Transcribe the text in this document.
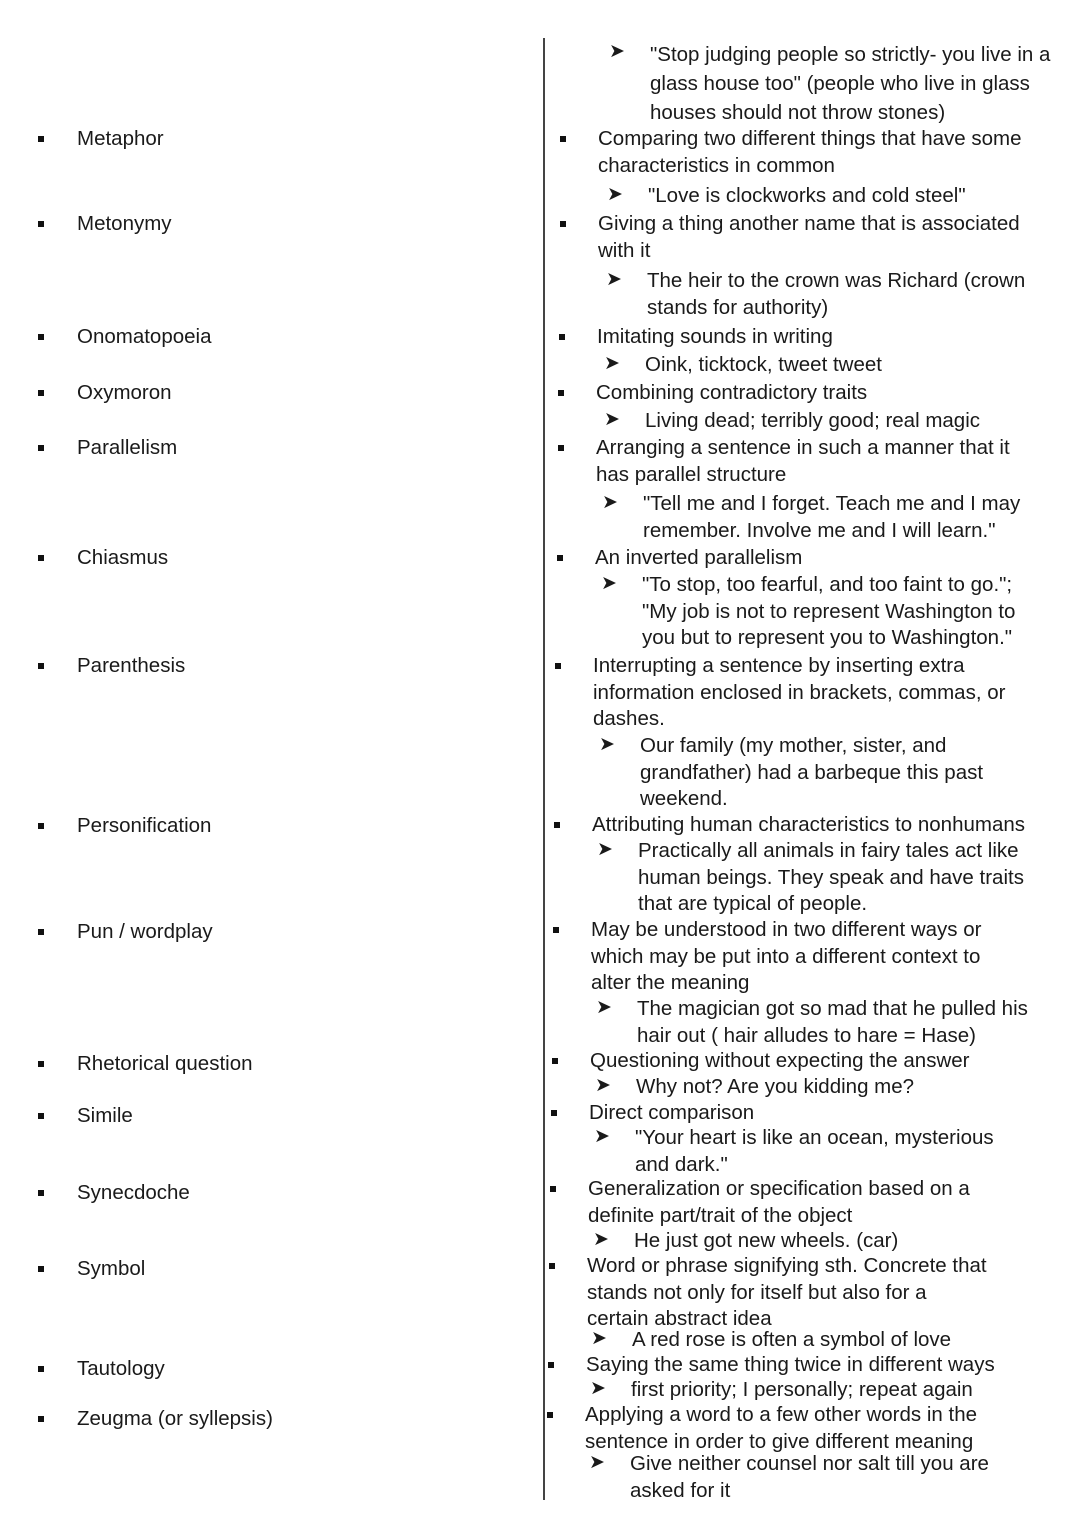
➤ "Stop judging people so strictly- you live in a glass house too" (people who live in glass houses should not throw stones)
Metaphor
Metonymy
Onomatopoeia
Oxymoron
Parallelism
Chiasmus
Parenthesis
Personification
Pun / wordplay
Rhetorical question
Simile
Synecdoche
Symbol
Tautology
Zeugma (or syllepsis)
Comparing two different things that have some characteristics in common
➤ "Love is clockworks and cold steel"
Giving a thing another name that is associated with it
➤ The heir to the crown was Richard (crown stands for authority)
Imitating sounds in writing
➤ Oink, ticktock, tweet tweet
Combining contradictory traits
➤ Living dead; terribly good; real magic
Arranging a sentence in such a manner that it has parallel structure
➤ "Tell me and I forget. Teach me and I may remember. Involve me and I will learn."
An inverted parallelism
➤ "To stop, too fearful, and too faint to go."; "My job is not to represent Washington to you but to represent you to Washington."
Interrupting a sentence by inserting extra information enclosed in brackets, commas, or dashes.
➤ Our family (my mother, sister, and grandfather) had a barbeque this past weekend.
Attributing human characteristics to nonhumans
➤ Practically all animals in fairy tales act like human beings. They speak and have traits that are typical of people.
May be understood in two different ways or which may be put into a different context to alter the meaning
➤ The magician got so mad that he pulled his hair out ( hair alludes to hare = Hase)
Questioning without expecting the answer
➤ Why not? Are you kidding me?
Direct comparison
➤ "Your heart is like an ocean, mysterious and dark."
Generalization or specification based on a definite part/trait of the object
➤ He just got new wheels. (car)
Word or phrase signifying sth. Concrete that stands not only for itself but also for a certain abstract idea
➤ A red rose is often a symbol of love
Saying the same thing twice in different ways
➤ first priority; I personally; repeat again
Applying a word to a few other words in the sentence in order to give different meaning
➤ Give neither counsel nor salt till you are asked for it
